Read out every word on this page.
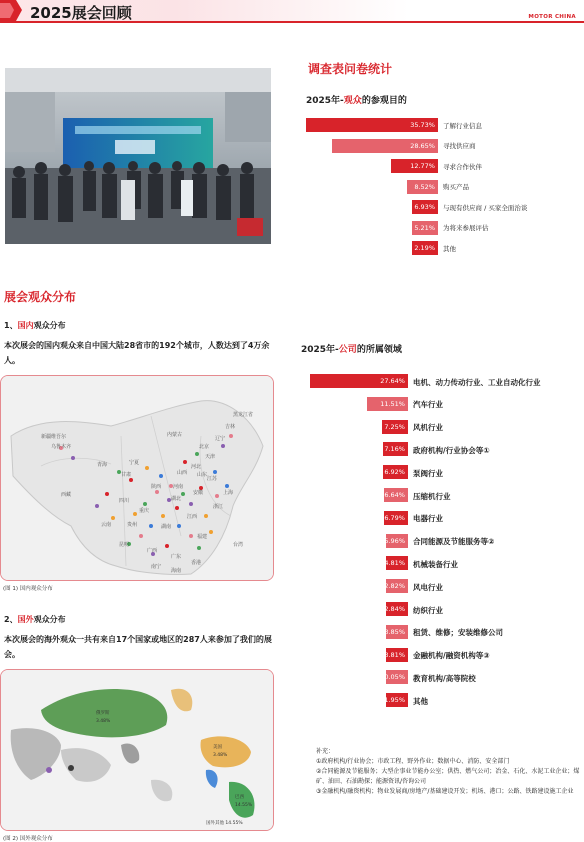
2025展会回顾	MOTOR CHINA
调查表问卷统计
2025年-观众的参观目的
35.73% 了解行业信息
28.65% 寻找供应商
12.77% 寻求合作伙伴
8.52% 购买产品
6.93% 与现有供应商 / 买家全面治谈
5.21% 为将来参展评估
2.19% 其他
2025年-公司的所属领域
27.64% 电机、动力传动行业、工业自动化行业
11.51% 汽车行业
7.25% 风机行业
7.16% 政府机构/行业协会等①
6.92% 泵阀行业
6.64% 压缩机行业
6.79% 电器行业
5.96% 合同能源及节能服务等②
4.81% 机械装备行业
2.82% 风电行业
2.84% 纺织行业
3.85% 租赁、维修；安装维修公司
3.81% 金融机构/融资机构等③
0.05% 教育机构/高等院校
1.95% 其他
展会观众分布
1、国内观众分布
本次展会的国内观众来自中国大陆28省市的192个城市，人数达到了4万余人。
黑龙江省
吉林
辽宁
北京
天津
河北
山西
陕西
甘肃
青海
新疆维吾尔
乌鲁木齐
西藏
四川
重庆
云南	贵州
广西
广东
福建
浙江
江苏
上海
山东
河南
湖北
湖南
江西
安徽
内蒙古
宁夏
海南
台湾
昆明
南宁
香港
(图 1) 国内观众分布
2、国外观众分布
本次展会的海外观众一共有来自17个国家或地区的287人来参加了我们的展会。
俄罗斯
3.48%
美国
3.48%
巴西
14.55%
国外其他 14.55%
(图 2) 国外观众分布
补充：
①政府机构/行业协会；市政工程、野外作业；数据中心、消防、安全部门
②合同能源及节能服务；大型企事业节能办公室；供热、燃气公司；冶金、石化、水泥工业企业；煤矿、油田、石油勘探；能源资讯/咨询公司
③金融机构/融资机构；物业发展商/房地产/基础建设开发；机场、港口；公路、铁路建设施工企业
